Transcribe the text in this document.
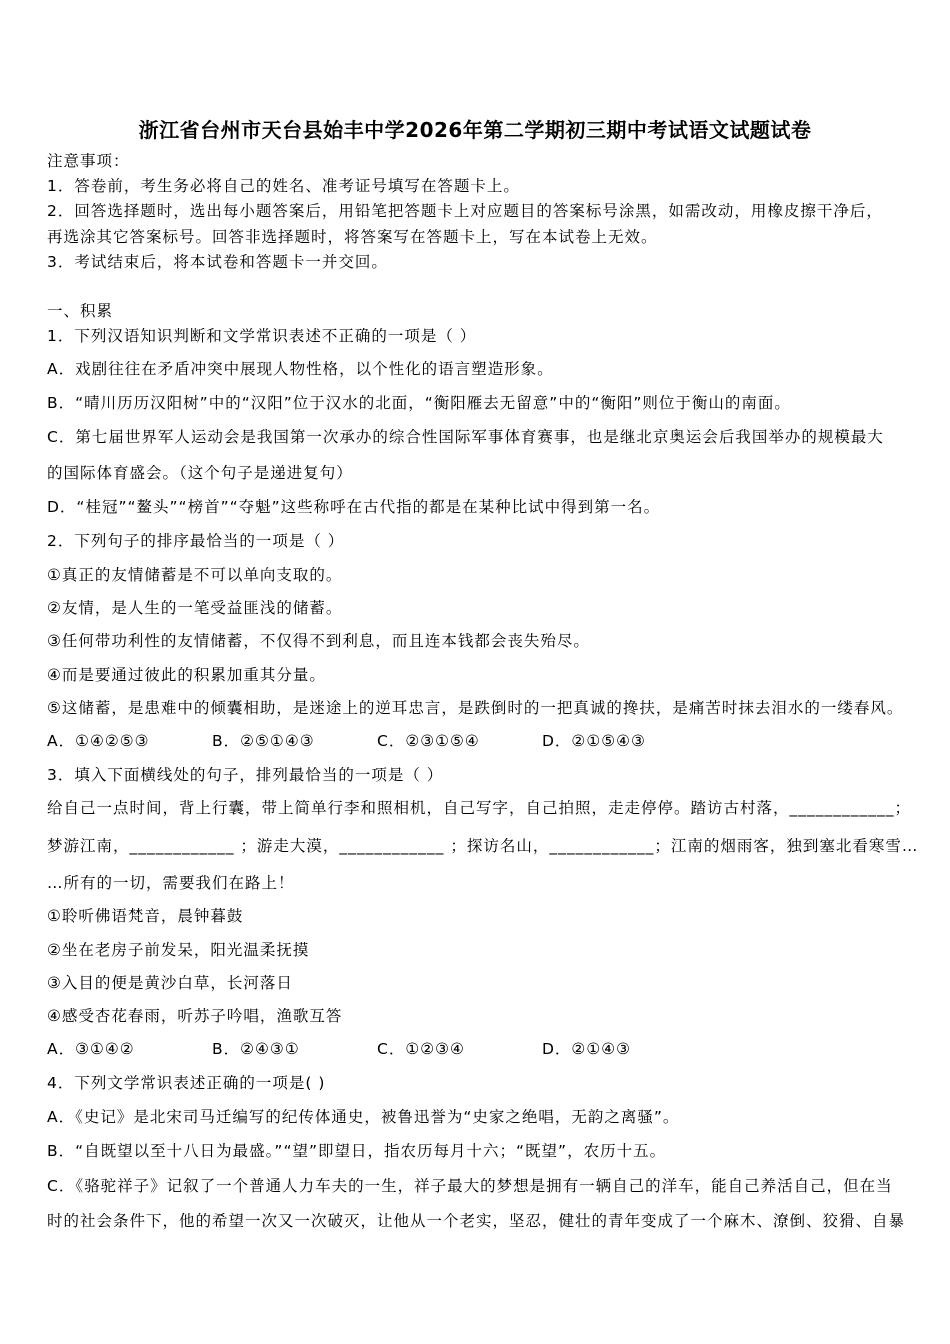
浙江省台州市天台县始丰中学2026年第二学期初三期中考试语文试题试卷
注意事项：
1．答卷前，考生务必将自己的姓名、准考证号填写在答题卡上。
2．回答选择题时，选出每小题答案后，用铅笔把答题卡上对应题目的答案标号涂黑，如需改动，用橡皮擦干净后，
再选涂其它答案标号。回答非选择题时，将答案写在答题卡上，写在本试卷上无效。
3．考试结束后，将本试卷和答题卡一并交回。
一、积累
1．下列汉语知识判断和文学常识表述不正确的一项是（ ）
A．戏剧往往在矛盾冲突中展现人物性格，以个性化的语言塑造形象。
B．“晴川历历汉阳树”中的“汉阳”位于汉水的北面，“衡阳雁去无留意”中的“衡阳”则位于衡山的南面。
C．第七届世界军人运动会是我国第一次承办的综合性国际军事体育赛事，也是继北京奥运会后我国举办的规模最大
的国际体育盛会。（这个句子是递进复句）
D．“桂冠”“鳌头”“榜首”“夺魁”这些称呼在古代指的都是在某种比试中得到第一名。
2．下列句子的排序最恰当的一项是（ ）
①真正的友情储蓄是不可以单向支取的。
②友情，是人生的一笔受益匪浅的储蓄。
③任何带功利性的友情储蓄，不仅得不到利息，而且连本钱都会丧失殆尽。
④而是要通过彼此的积累加重其分量。
⑤这储蓄，是患难中的倾囊相助，是迷途上的逆耳忠言，是跌倒时的一把真诚的搀扶，是痛苦时抹去泪水的一缕春风。
A．①④②⑤③	B．②⑤①④③	C．②③①⑤④	D．②①⑤④③
3．填入下面横线处的句子，排列最恰当的一项是（ ）
给自己一点时间，背上行囊，带上简单行李和照相机，自己写字，自己拍照，走走停停。踏访古村落，____________；
梦游江南，____________ ；游走大漠，____________ ；探访名山，____________；江南的烟雨客，独到塞北看寒雪…
…所有的一切，需要我们在路上！
①聆听佛语梵音，晨钟暮鼓
②坐在老房子前发呆，阳光温柔抚摸
③入目的便是黄沙白草，长河落日
④感受杏花春雨，听苏子吟唱，渔歌互答
A．③①④②	B．②④③①	C．①②③④	D．②①④③
4．下列文学常识表述正确的一项是( )
A．《史记》是北宋司马迁编写的纪传体通史，被鲁迅誉为“史家之绝唱，无韵之离骚”。
B．“自既望以至十八日为最盛。”“望”即望日，指农历每月十六；“既望”，农历十五。
C．《骆驼祥子》记叙了一个普通人力车夫的一生，祥子最大的梦想是拥有一辆自己的洋车，能自己养活自己，但在当
时的社会条件下，他的希望一次又一次破灭，让他从一个老实，坚忍，健壮的青年变成了一个麻木、潦倒、狡猾、自暴
